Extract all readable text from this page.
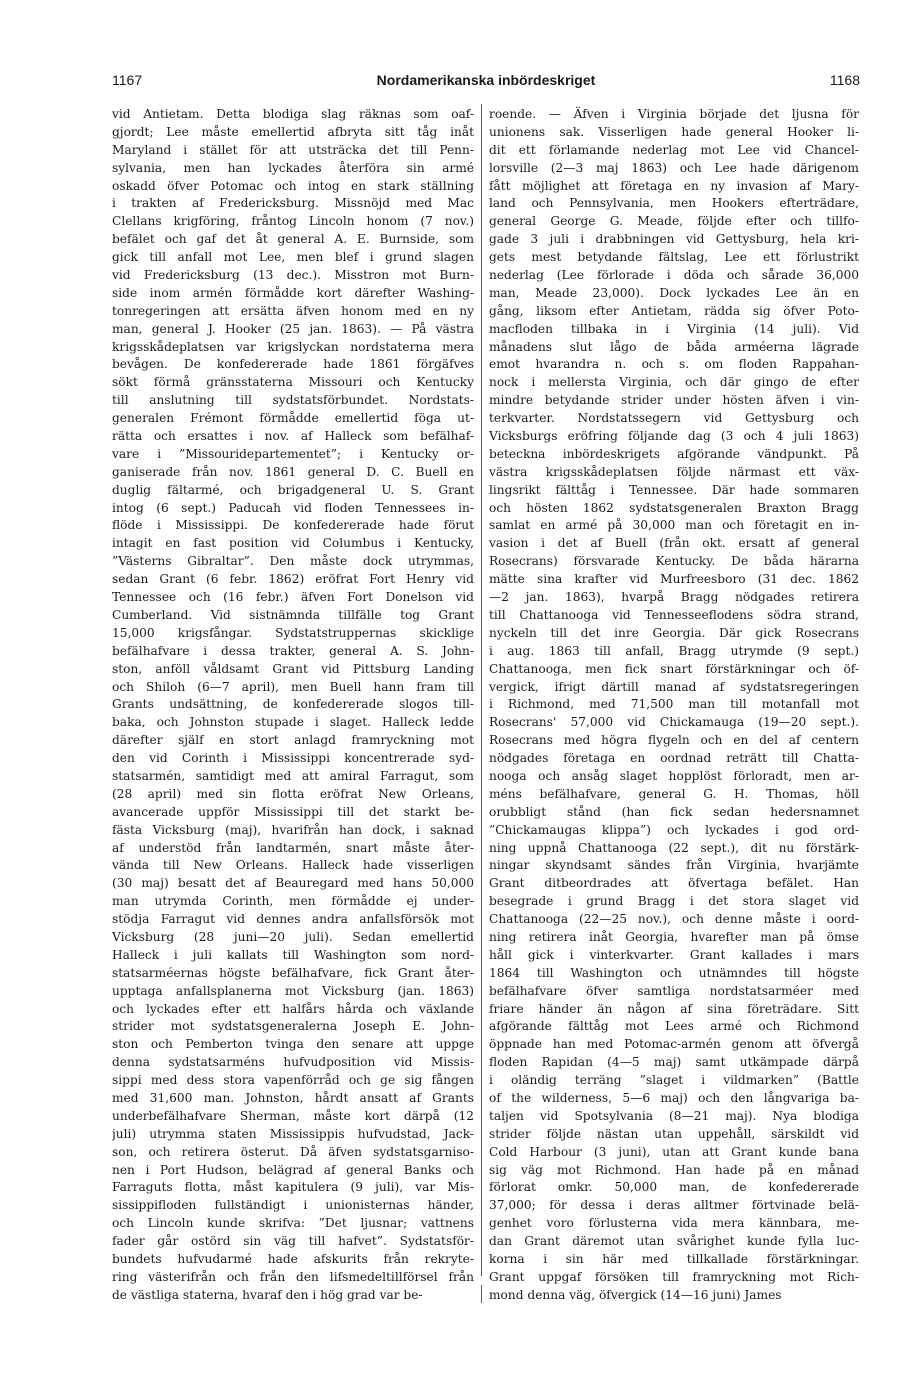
1167	Nordamerikanska inbördeskriget	1168
vid Antietam. Detta blodiga slag räknas som oaf-
gjordt; Lee måste emellertid afbryta sitt tåg inåt
Maryland i stället för att utsträcka det till Penn-
sylvania, men han lyckades återföra sin armé
oskadd öfver Potomac och intog en stark ställning
i trakten af Fredericksburg. Missnöjd med Mac
Clellans krigföring, fråntog Lincoln honom (7 nov.)
befälet och gaf det åt general A. E. Burnside, som
gick till anfall mot Lee, men blef i grund slagen
vid Fredericksburg (13 dec.). Misstron mot Burn-
side inom armén förmådde kort därefter Washing-
tonregeringen att ersätta äfven honom med en ny
man, general J. Hooker (25 jan. 1863). — På västra
krigsskådeplatsen var krigslyckan nordstaterna mera
bevågen. De konfedererade hade 1861 förgäfves
sökt förmå gränsstaterna Missouri och Kentucky
till anslutning till sydstatsförbundet. Nordstats-
generalen Frémont förmådde emellertid föga ut-
rätta och ersattes i nov. af Halleck som befälhaf-
vare i ”Missouridepartementet”; i Kentucky or-
ganiserade från nov. 1861 general D. C. Buell en
duglig fältarmé, och brigadgeneral U. S. Grant
intog (6 sept.) Paducah vid floden Tennessees in-
flöde i Mississippi. De konfedererade hade förut
intagit en fast position vid Columbus i Kentucky,
”Västerns Gibraltar”. Den måste dock utrymmas,
sedan Grant (6 febr. 1862) eröfrat Fort Henry vid
Tennessee och (16 febr.) äfven Fort Donelson vid
Cumberland. Vid sistnämnda tillfälle tog Grant
15,000 krigsfångar. Sydstatstruppernas skicklige
befälhafvare i dessa trakter, general A. S. John-
ston, anföll våldsamt Grant vid Pittsburg Landing
och Shiloh (6—7 april), men Buell hann fram till
Grants undsättning, de konfedererade slogos till-
baka, och Johnston stupade i slaget. Halleck ledde
därefter själf en stort anlagd framryckning mot
den vid Corinth i Mississippi koncentrerade syd-
statsarmén, samtidigt med att amiral Farragut, som
(28 april) med sin flotta eröfrat New Orleans,
avancerade uppför Mississippi till det starkt be-
fästa Vicksburg (maj), hvarifrån han dock, i saknad
af understöd från landtarmén, snart måste åter-
vända till New Orleans. Halleck hade visserligen
(30 maj) besatt det af Beauregard med hans 50,000
man utrymda Corinth, men förmådde ej under-
stödja Farragut vid dennes andra anfallsförsök mot
Vicksburg (28 juni—20 juli). Sedan emellertid
Halleck i juli kallats till Washington som nord-
statsarméernas högste befälhafvare, fick Grant åter-
upptaga anfallsplanerna mot Vicksburg (jan. 1863)
och lyckades efter ett halfårs hårda och växlande
strider mot sydstatsgeneralerna Joseph E. John-
ston och Pemberton tvinga den senare att uppge
denna sydstatsarméns hufvudposition vid Missis-
sippi med dess stora vapenförråd och ge sig fången
med 31,600 man. Johnston, hårdt ansatt af Grants
underbefälhafvare Sherman, måste kort därpå (12
juli) utrymma staten Mississippis hufvudstad, Jack-
son, och retirera österut. Då äfven sydstatsgarniso-
nen i Port Hudson, belägrad af general Banks och
Farraguts flotta, måst kapitulera (9 juli), var Mis-
sissippifloden fullständigt i unionisternas händer,
och Lincoln kunde skrifva: ”Det ljusnar; vattnens
fader går ostörd sin väg till hafvet”. Sydstatsför-
bundets hufvudarmé hade afskurits från rekryte-
ring västerifrån och från den lifsmedeltillförsel från
de västliga staterna, hvaraf den i hög grad var be-
roende. — Äfven i Virginia började det ljusna för
unionens sak. Visserligen hade general Hooker li-
dit ett förlamande nederlag mot Lee vid Chancel-
lorsville (2—3 maj 1863) och Lee hade därigenom
fått möjlighet att företaga en ny invasion af Mary-
land och Pennsylvania, men Hookers efterträdare,
general George G. Meade, följde efter och tillfo-
gade 3 juli i drabbningen vid Gettysburg, hela kri-
gets mest betydande fältslag, Lee ett förlustrikt
nederlag (Lee förlorade i döda och sårade 36,000
man, Meade 23,000). Dock lyckades Lee än en
gång, liksom efter Antietam, rädda sig öfver Poto-
macfloden tillbaka in i Virginia (14 juli). Vid
månadens slut lågo de båda arméerna lägrade
emot hvarandra n. och s. om floden Rappahan-
nock i mellersta Virginia, och där gingo de efter
mindre betydande strider under hösten äfven i vin-
terkvarter. Nordstatssegern vid Gettysburg och
Vicksburgs eröfring följande dag (3 och 4 juli 1863)
beteckna inbördeskrigets afgörande vändpunkt. På
västra krigsskådeplatsen följde närmast ett väx-
lingsrikt fälttåg i Tennessee. Där hade sommaren
och hösten 1862 sydstatsgeneralen Braxton Bragg
samlat en armé på 30,000 man och företagit en in-
vasion i det af Buell (från okt. ersatt af general
Rosecrans) försvarade Kentucky. De båda härarna
mätte sina krafter vid Murfreesboro (31 dec. 1862
—2 jan. 1863), hvarpå Bragg nödgades retirera
till Chattanooga vid Tennesseeflodens södra strand,
nyckeln till det inre Georgia. Där gick Rosecrans
i aug. 1863 till anfall, Bragg utrymde (9 sept.)
Chattanooga, men fick snart förstärkningar och öf-
vergick, ifrigt därtill manad af sydstatsregeringen
i Richmond, med 71,500 man till motanfall mot
Rosecrans' 57,000 vid Chickamauga (19—20 sept.).
Rosecrans med högra flygeln och en del af centern
nödgades företaga en oordnad reträtt till Chatta-
nooga och ansåg slaget hopplöst förloradt, men ar-
méns befälhafvare, general G. H. Thomas, höll
orubbligt stånd (han fick sedan hedersnamnet
”Chickamaugas klippa”) och lyckades i god ord-
ning uppnå Chattanooga (22 sept.), dit nu förstärk-
ningar skyndsamt sändes från Virginia, hvarjämte
Grant ditbeordrades att öfvertaga befälet. Han
besegrade i grund Bragg i det stora slaget vid
Chattanooga (22—25 nov.), och denne måste i oord-
ning retirera inåt Georgia, hvarefter man på ömse
håll gick i vinterkvarter. Grant kallades i mars
1864 till Washington och utnämndes till högste
befälhafvare öfver samtliga nordstatsarméer med
friare händer än någon af sina företrädare. Sitt
afgörande fälttåg mot Lees armé och Richmond
öppnade han med Potomac-armén genom att öfvergå
floden Rapidan (4—5 maj) samt utkämpade därpå
i oländig terräng ”slaget i vildmarken” (Battle
of the wilderness, 5—6 maj) och den långvariga ba-
taljen vid Spotsylvania (8—21 maj). Nya blodiga
strider följde nästan utan uppehåll, särskildt vid
Cold Harbour (3 juni), utan att Grant kunde bana
sig väg mot Richmond. Han hade på en månad
förlorat omkr. 50,000 man, de konfedererade
37,000; för dessa i deras alltmer förtvinade belä-
genhet voro förlusterna vida mera kännbara, me-
dan Grant däremot utan svårighet kunde fylla luc-
korna i sin här med tillkallade förstärkningar.
Grant uppgaf försöken till framryckning mot Rich-
mond denna väg, öfvergick (14—16 juni) James
